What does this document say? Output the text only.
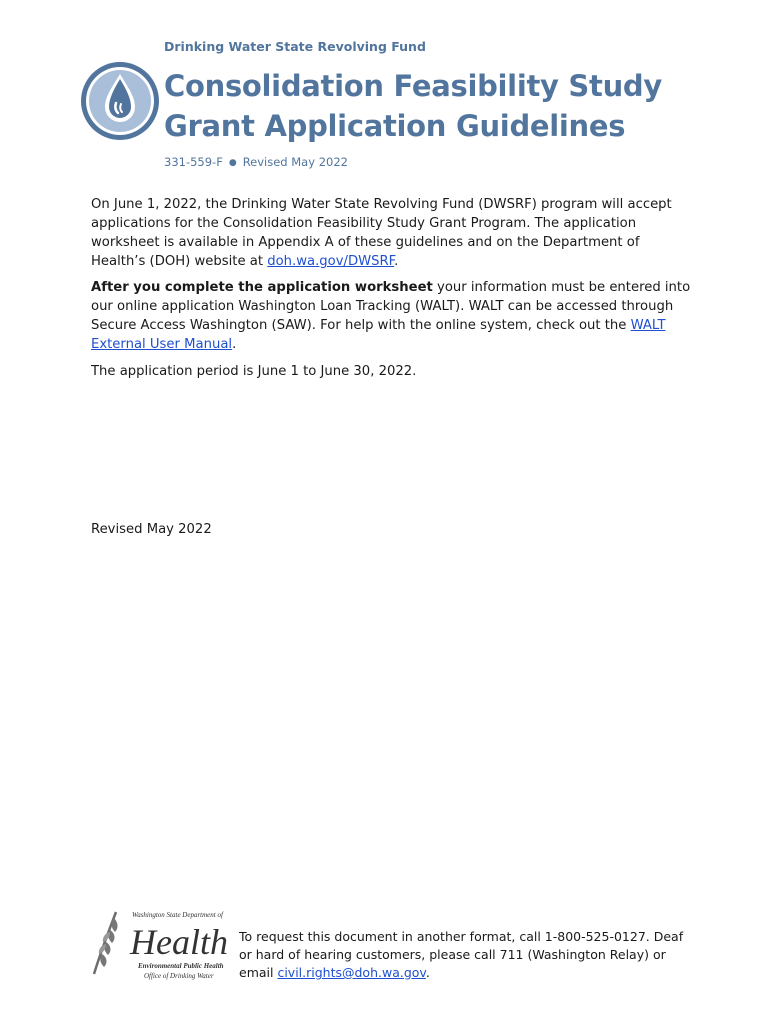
Drinking Water State Revolving Fund
Consolidation Feasibility Study
Grant Application Guidelines
331-559-F ● Revised May 2022

On June 1, 2022, the Drinking Water State Revolving Fund (DWSRF) program will accept applications for the Consolidation Feasibility Study Grant Program. The application worksheet is available in Appendix A of these guidelines and on the Department of Health’s (DOH) website at doh.wa.gov/DWSRF.

After you complete the application worksheet your information must be entered into our online application Washington Loan Tracking (WALT). WALT can be accessed through Secure Access Washington (SAW). For help with the online system, check out the WALT External User Manual.

The application period is June 1 to June 30, 2022.

Revised May 2022
Washington State Department of
Health
Environmental Public Health
Office of Drinking Water
To request this document in another format, call 1-800-525-0127. Deaf or hard of hearing customers, please call 711 (Washington Relay) or email civil.rights@doh.wa.gov.
